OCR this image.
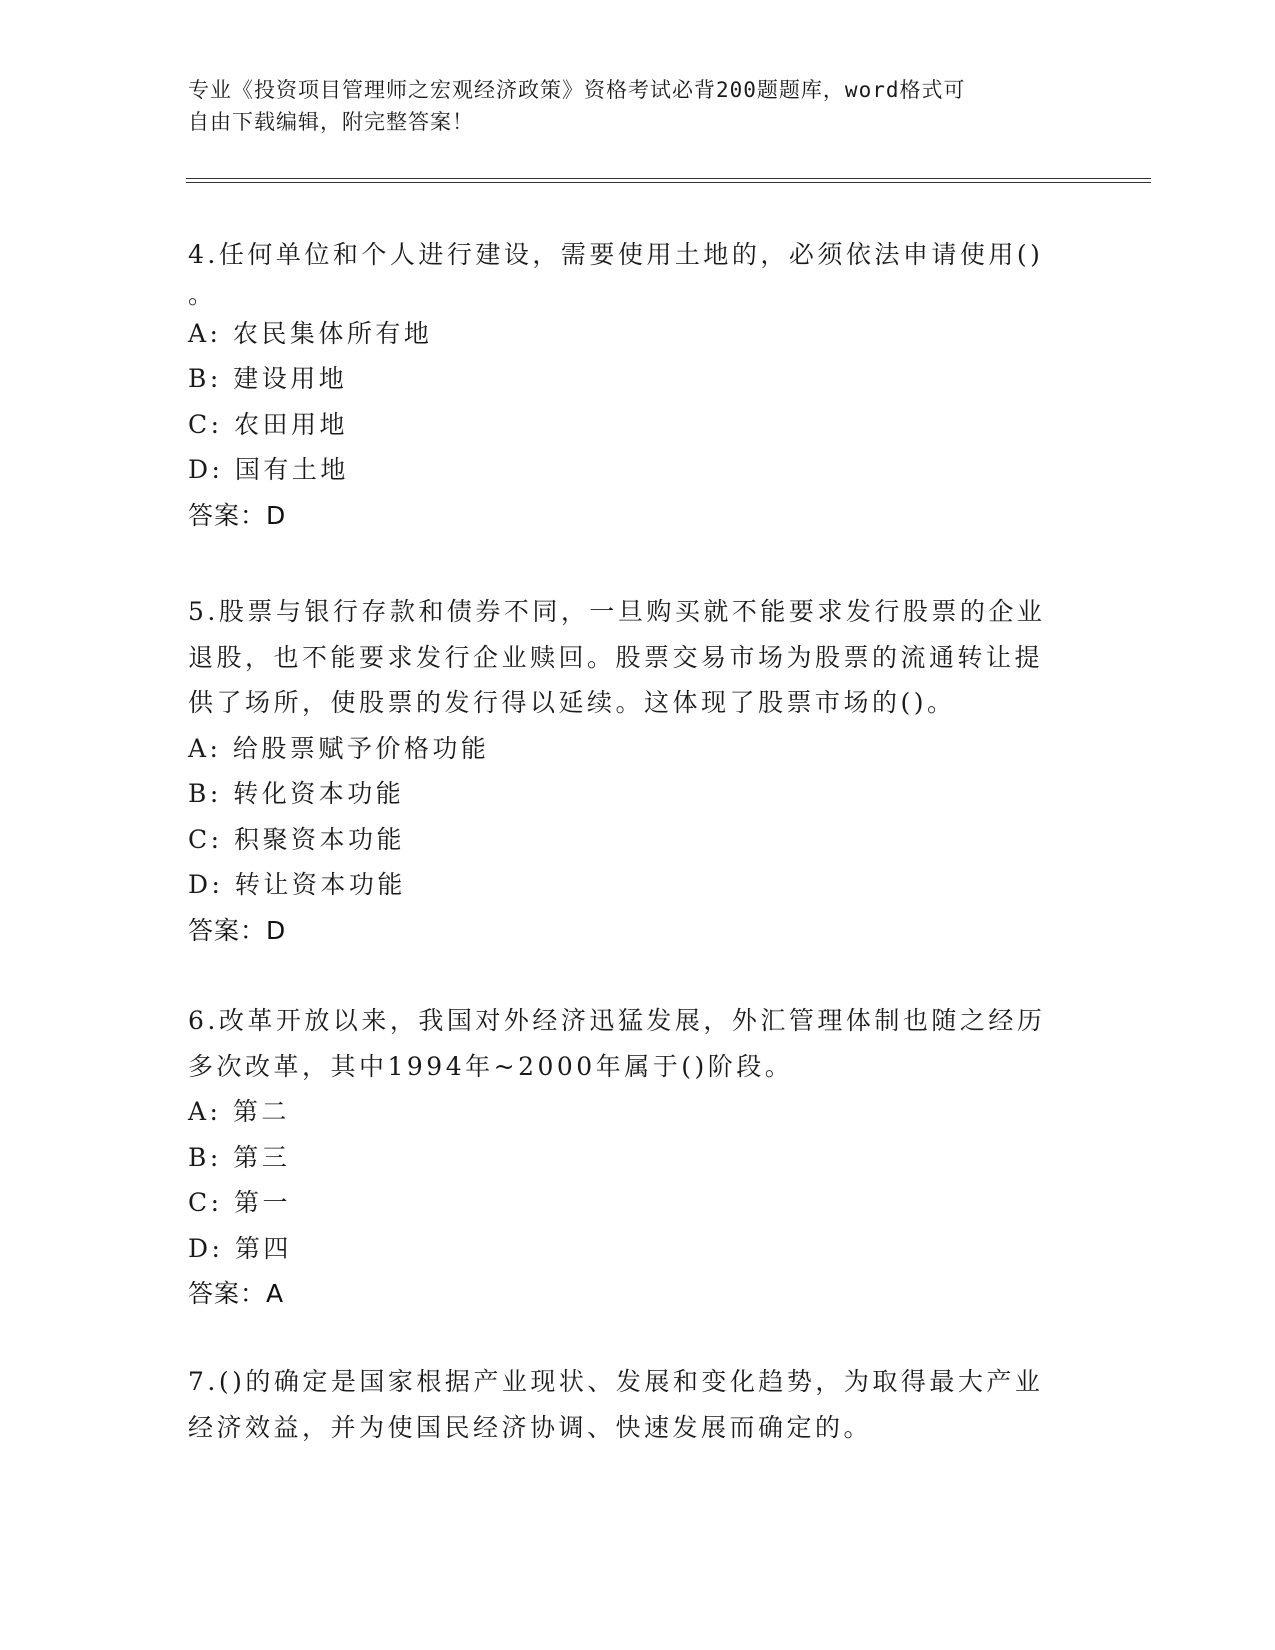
专业《投资项目管理师之宏观经济政策》资格考试必背200题题库，word格式可
自由下载编辑，附完整答案！
4.任何单位和个人进行建设，需要使用土地的，必须依法申请使用()
。
A: 农民集体所有地
B: 建设用地
C: 农田用地
D: 国有土地
答案：D
5.股票与银行存款和债券不同，一旦购买就不能要求发行股票的企业
退股，也不能要求发行企业赎回。股票交易市场为股票的流通转让提
供了场所，使股票的发行得以延续。这体现了股票市场的()。
A: 给股票赋予价格功能
B: 转化资本功能
C: 积聚资本功能
D: 转让资本功能
答案：D
6.改革开放以来，我国对外经济迅猛发展，外汇管理体制也随之经历
多次改革，其中1994年~2000年属于()阶段。
A: 第二
B: 第三
C: 第一
D: 第四
答案：A
7.()的确定是国家根据产业现状、发展和变化趋势，为取得最大产业
经济效益，并为使国民经济协调、快速发展而确定的。
